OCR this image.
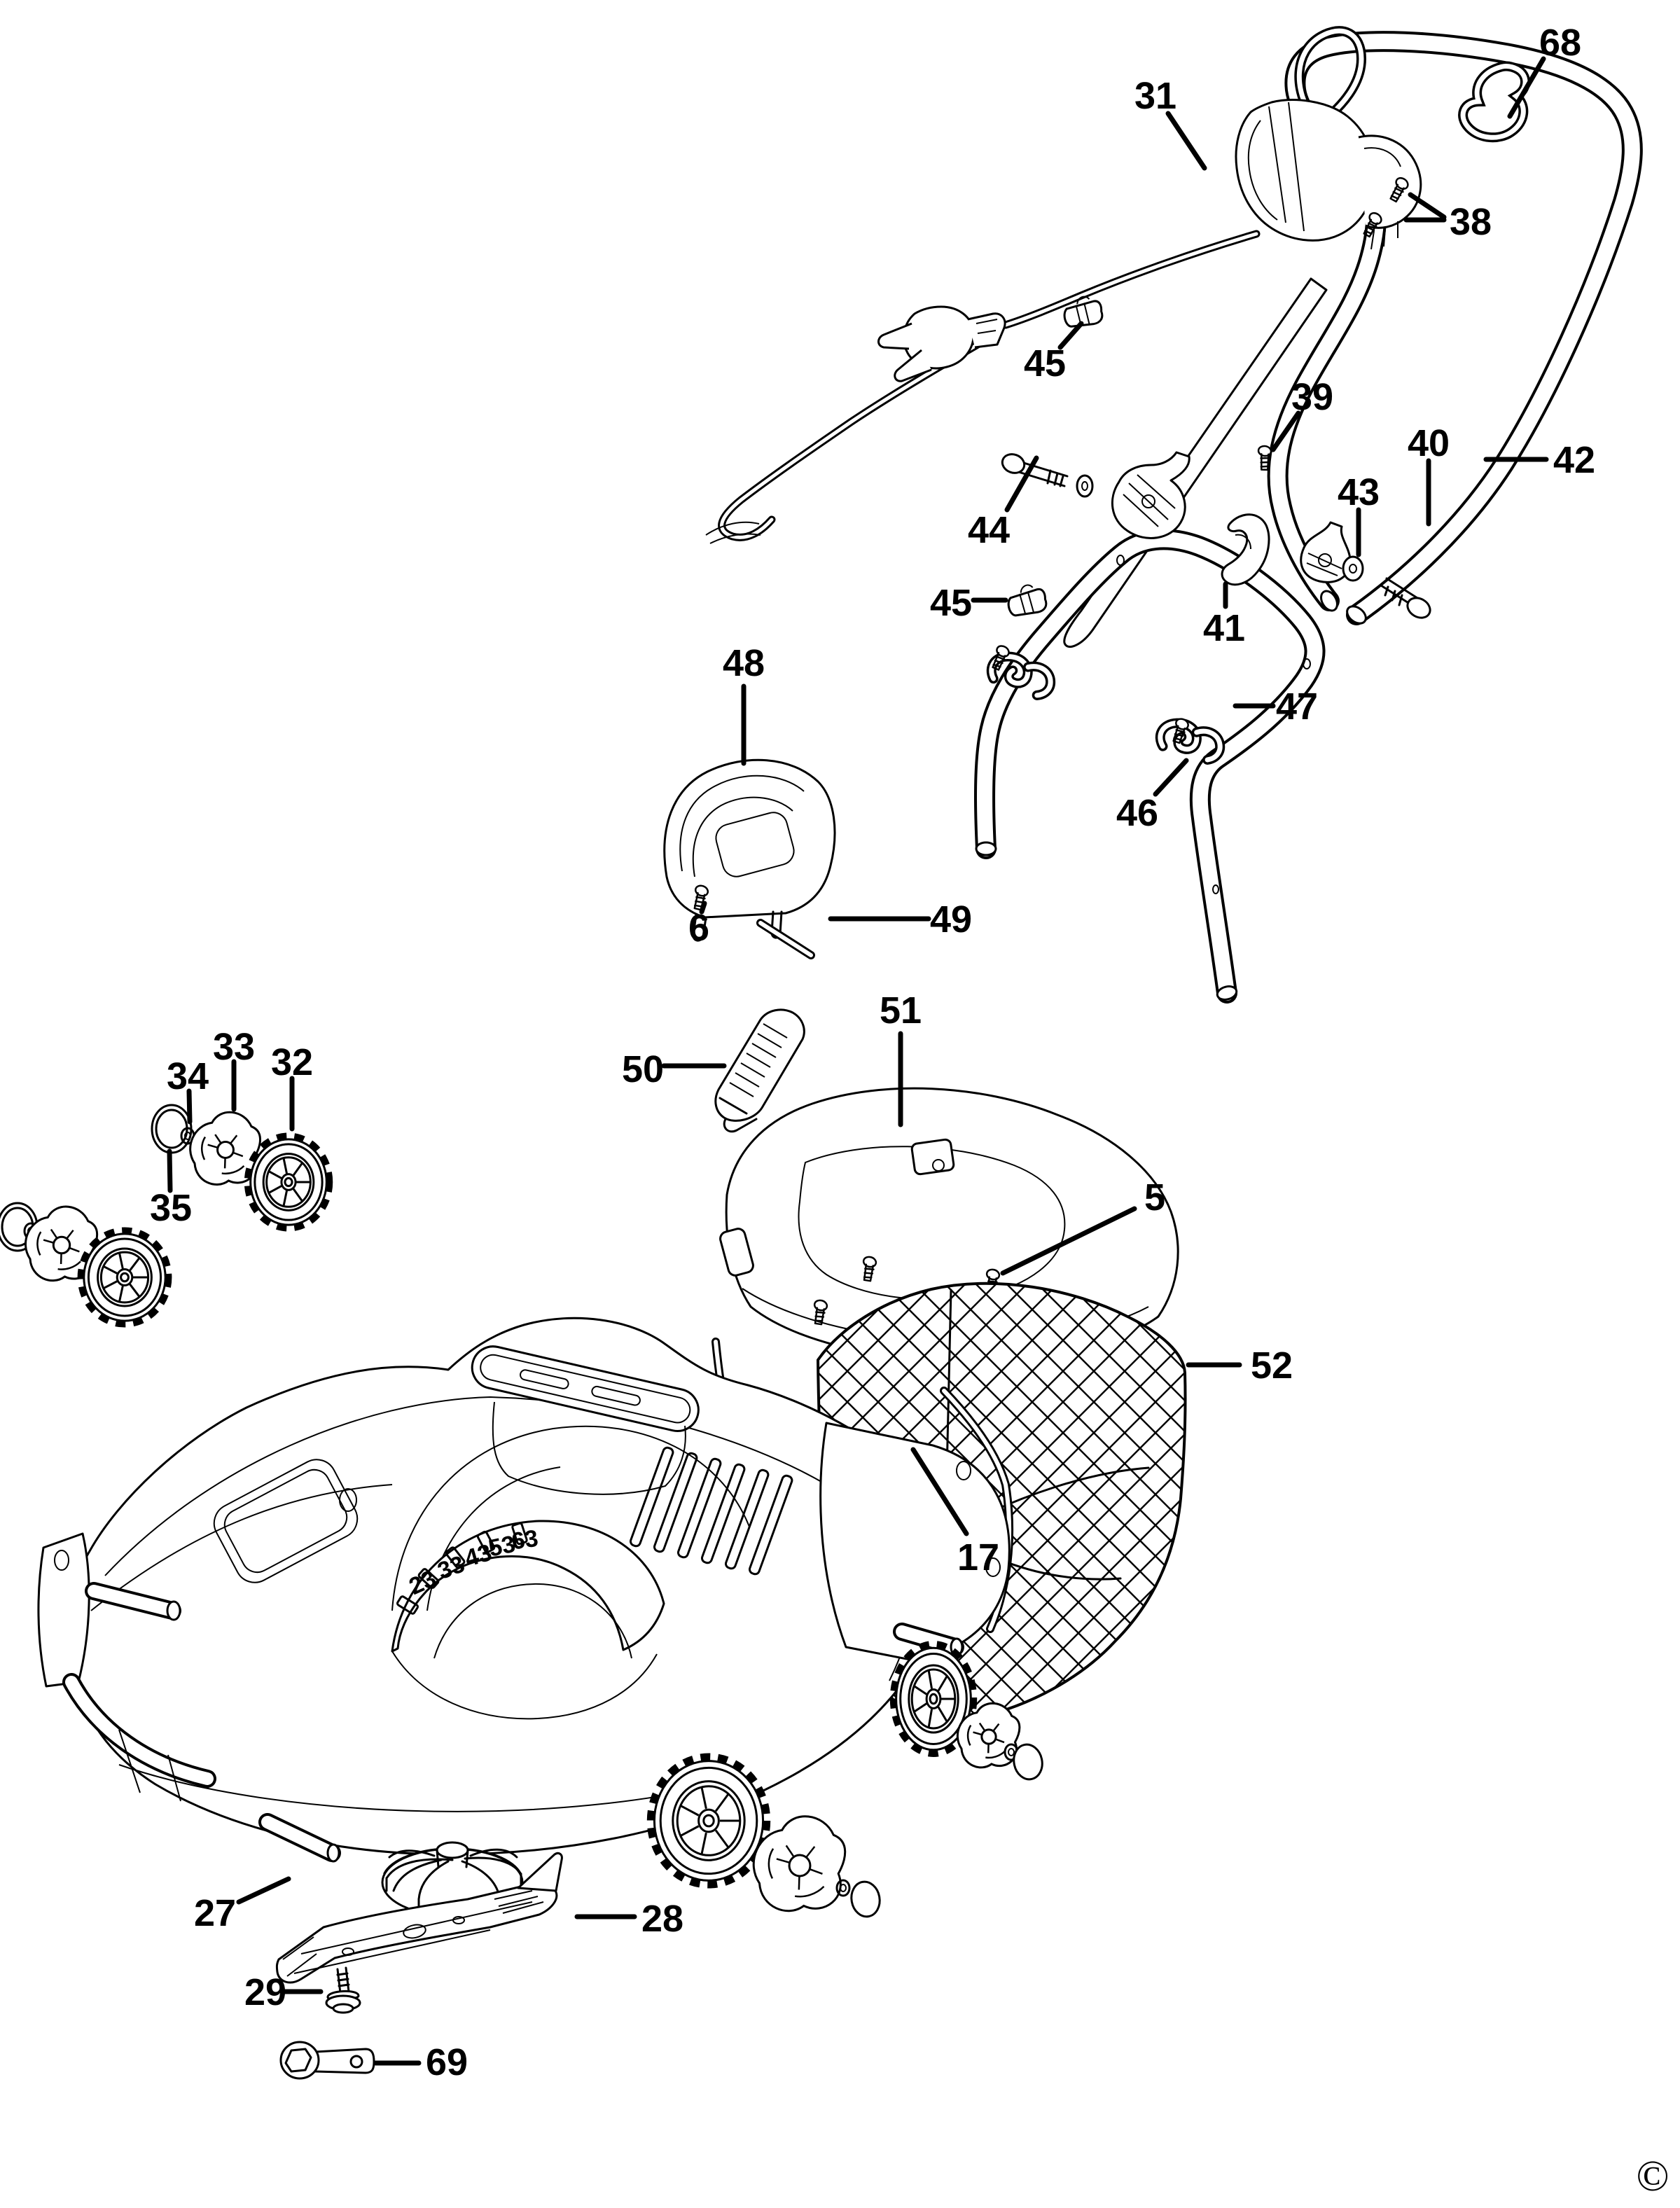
23
33
43
53
63
©
68
31
38
45
39
40
43
42
44
41
45
47
48
46
6	49
50
51
33
34 32
35	5
52
17
27	28
29
69
